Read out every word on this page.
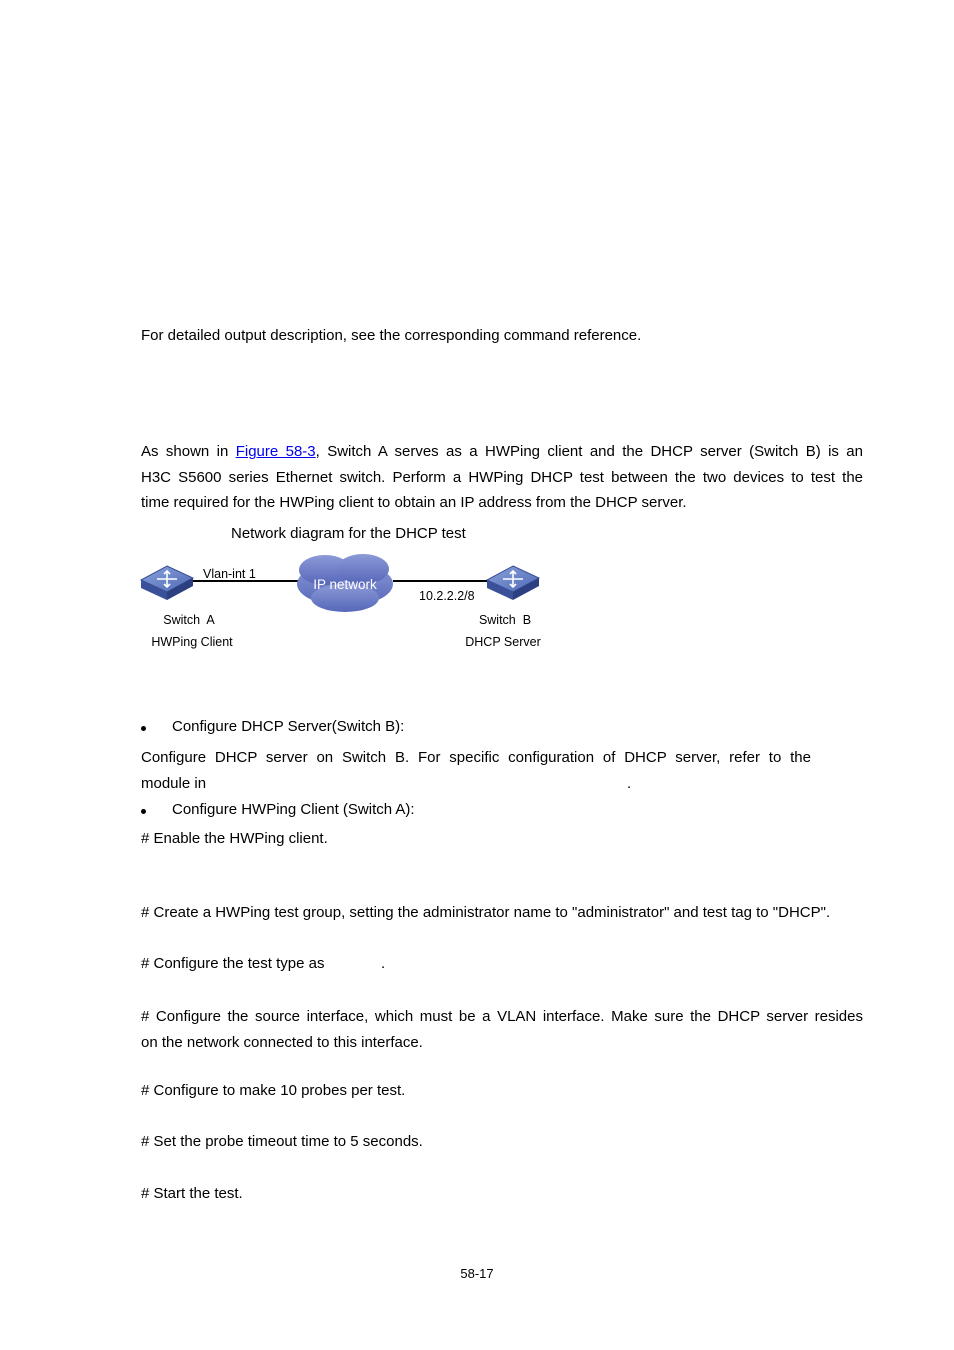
For detailed output description, see the corresponding command reference.
As shown in Figure 58-3, Switch A serves as a HWPing client and the DHCP server (Switch B) is an
H3C S5600 series Ethernet switch. Perform a HWPing DHCP test between the two devices to test the
time required for the HWPing client to obtain an IP address from the DHCP server.
Network diagram for the DHCP test
IP network
Vlan-int 1
10.2.2.2/8
Switch  A
HWPing Client
Switch  B
DHCP Server
Configure DHCP Server(Switch B):
Configure DHCP server on Switch B. For specific configuration of DHCP server, refer to the
module in	.
Configure HWPing Client (Switch A):
# Enable the HWPing client.
# Create a HWPing test group, setting the administrator name to "administrator" and test tag to "DHCP".
# Configure the test type as	.
# Configure the source interface, which must be a VLAN interface. Make sure the DHCP server resides
on the network connected to this interface.
# Configure to make 10 probes per test.
# Set the probe timeout time to 5 seconds.
# Start the test.
58-17
